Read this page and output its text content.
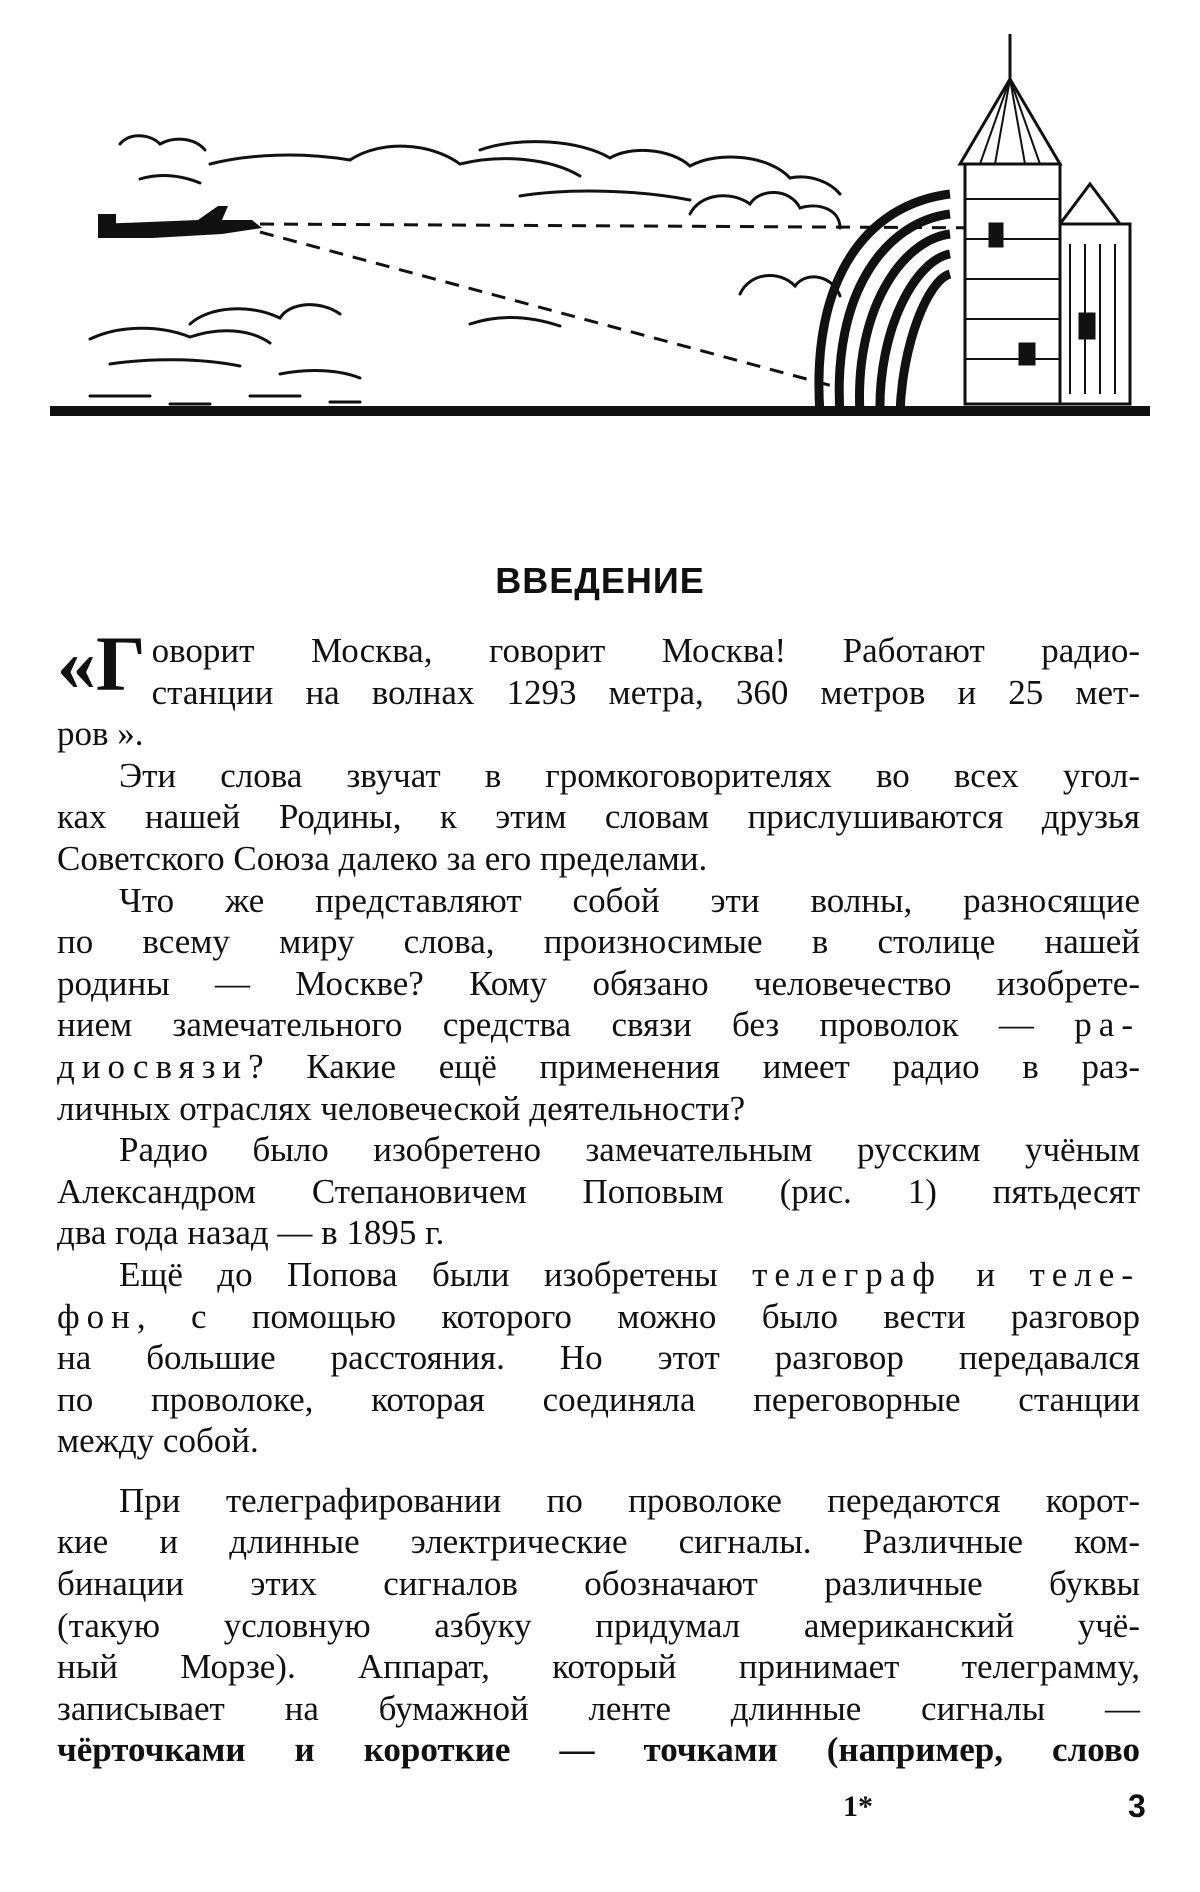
ВВЕДЕНИЕ
«Г оворит Москва, говорит Москва! Работают радио-

станции на волнах 1293 метра, 360 метров и 25 мет-

ров ».

Эти слова звучат в громкоговорителях во всех угол-

ках нашей Родины, к этим словам прислушиваются друзья

Советского Союза далеко за его пределами.

Что же представляют собой эти волны, разносящие

по всему миру слова, произносимые в столице нашей

родины — Москве? Кому обязано человечество изобрете-

нием замечательного средства связи без проволок — ра-

диосвязи? Какие ещё применения имеет радио в раз-

личных отраслях человеческой деятельности?

Радио было изобретено замечательным русским учёным

Александром Степановичем Поповым (рис. 1) пятьдесят

два года назад — в 1895 г.

Ещё до Попова были изобретены телеграф и теле-

фон, с помощью которого можно было вести разговор

на большие расстояния. Но этот разговор передавался

по проволоке, которая соединяла переговорные станции

между собой.

При телеграфировании по проволоке передаются корот-

кие и длинные электрические сигналы. Различные ком-

бинации этих сигналов обозначают различные буквы

(такую условную азбуку придумал американский учё-

ный Морзе). Аппарат, который принимает телеграмму,

записывает на бумажной ленте длинные сигналы —

чёрточками и короткие — точками (например, слово

1*	3
